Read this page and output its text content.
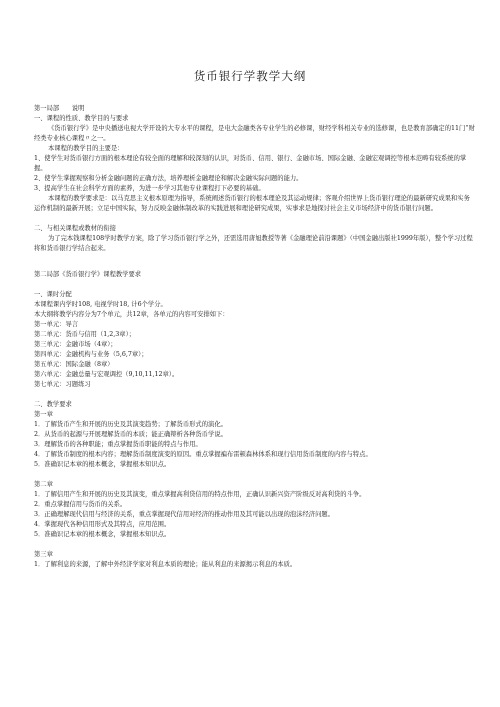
货币银行学教学大纲

第一局部　　说明

一、课程的性质、教学目的与要求

《货币银行学》是中央播送电视大学开设的大专水平的课程，是电大金融类各专业学生的必修课，财经学科相关专业的选修课，也是教育部确定的11门“财经类专业核心课程〃之一。

本课程的教学目的主要是：

1、使学生对货币银行方面的根本理论有较全面的理解和较深刻的认识，对货币、信用、银行、金融市场、国际金融、金融宏观调控等根本范畴有较系统的掌握。

2、使学生掌握观察和分析金融问题的正确方法，培养理析金融理论和解决金融实际问题的能力。

3、提高学生在社会科学方面的素养，为进一步学习其他专业课程打下必要的基础。

本课程的教学要求是：以马克思主义根本原理为指导，系统阐述货币银行的根本理论及其运动规律；客观介绍世界上货币银行理论的最新研究成果和实务运作机制的最新开展；立足中国实际，努力反映金融体制改革的实践进展和理论研究成果，实事求是地探讨社会主义市场经济中的货币银行问题。

二、与相关课程或教材的衔接

为了完本钱课程108学时教学方案，除了学习货币银行学之外，还需选用唐旭教授等著《金融理论前沿课题》（中国金融出版社1999年版），整个学习过程将和货币银行学结合起来。

第二局部《货币银行学》课程教学要求

一、课时分配

本课程课内学时108, 电视学时18, 计6个学分。

本大纲将教学内容分为7个单元，共12章，各单元的内容可安排如下：

第一单元：导言

第二单元：货币与信用（1,2,3章）；

第三单元：金融市场（4章）；

第四单元：金融机构与业务（5,6,7章）；

第五单元：国际金融（8章）

第六单元：金融总量与宏观调控（9,10,11,12章）。

第七单元：习题练习

二、教学要求

第一章

1．了解货币产生和开展的历史及其演变趋势；了解货币形式的演化。

2．从货币的起源与开展理解货币的本质；能正确辩析各种货币学说。

3．理解货币的各种职能；重点掌握货币职能的特点与作用。

4．了解货币制度的根本内容；理解货币制度演变的原因。重点掌握褊布雷顿森林体系和现行信用货币制度的内容与特点。

5．准确识记本章的根本概念，掌握根本知识点。

第二章

1．了解信用产生和开展的历史及其演变，重点掌握高利贷信用的特点作用，正确认识新兴资产阶级反对高利贷的斗争。

2．重点掌握信用与货币的关系。

3．正确理解现代信用与经济的关系，重点掌握现代信用对经济的推动作用及其可能以出现的泡沫经济问题。

4．掌握现代各种信用形式及其特点，应用范围。

5．准确识记本章的根本概念，掌握根本知识点。

第三章

1．了解利息的来源，了解中外经济学家对利息本质的理论；能从利息的来源揭示利息的本质。
